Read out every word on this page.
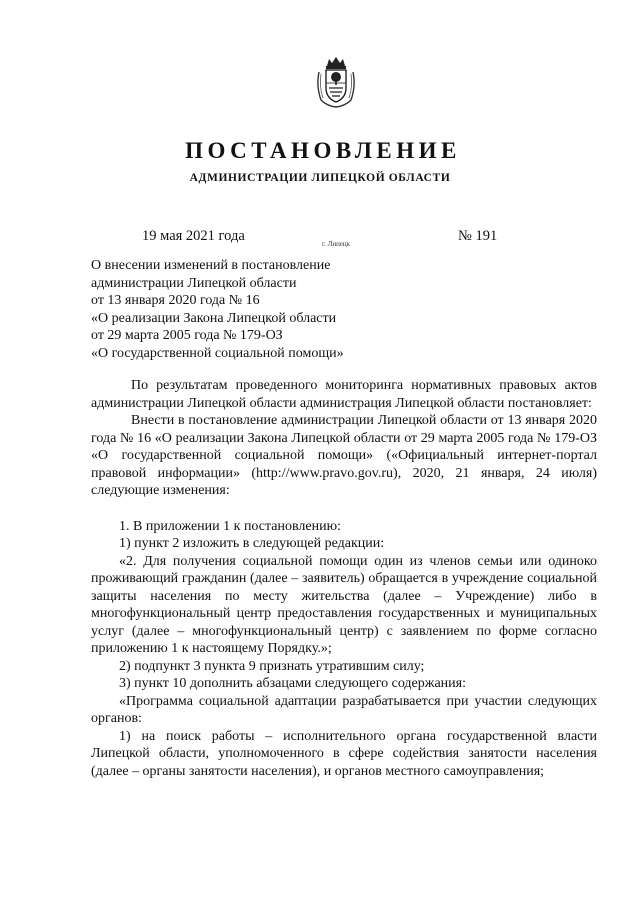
ПОСТАНОВЛЕНИЕ
АДМИНИСТРАЦИИ ЛИПЕЦКОЙ ОБЛАСТИ
19 мая 2021 года	г. Липецк	№ 191
О внесении изменений в постановление
администрации Липецкой области
от 13 января 2020 года № 16
«О реализации Закона Липецкой области
от 29 марта 2005 года № 179-ОЗ
«О государственной социальной помощи»

По результатам проведенного мониторинга нормативных правовых актов администрации Липецкой области администрация Липецкой области постановляет:

Внести в постановление администрации Липецкой области от 13 января 2020 года № 16 «О реализации Закона Липецкой области от 29 марта 2005 года № 179-ОЗ «О государственной социальной помощи» («Официальный интернет-портал правовой информации» (http://www.pravo.gov.ru), 2020, 21 января, 24 июля) следующие изменения:

1. В приложении 1 к постановлению:

1) пункт 2 изложить в следующей редакции:

«2. Для получения социальной помощи один из членов семьи или одиноко проживающий гражданин (далее – заявитель) обращается в учреждение социальной защиты населения по месту жительства (далее – Учреждение) либо в многофункциональный центр предоставления государственных и муниципальных услуг (далее – многофункциональный центр) с заявлением по форме согласно приложению 1 к настоящему Порядку.»;

2) подпункт 3 пункта 9 признать утратившим силу;

3) пункт 10 дополнить абзацами следующего содержания:

«Программа социальной адаптации разрабатывается при участии следующих органов:

1) на поиск работы – исполнительного органа государственной власти Липецкой области, уполномоченного в сфере содействия занятости населения (далее – органы занятости населения), и органов местного самоуправления;
